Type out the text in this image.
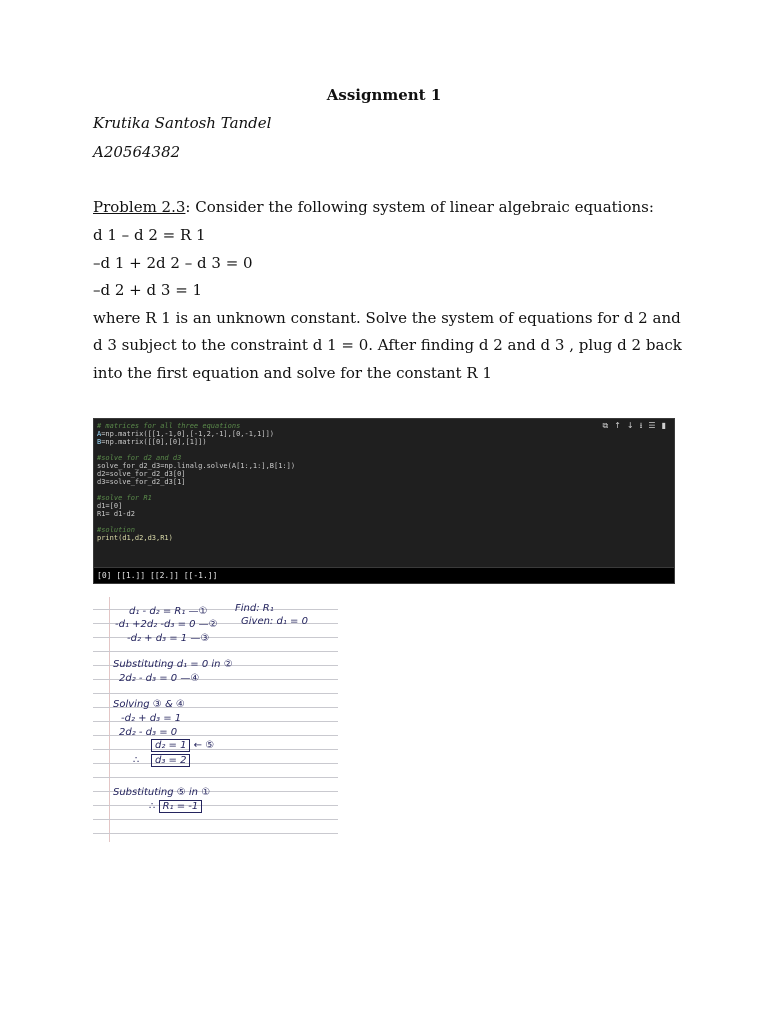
Assignment 1
Krutika Santosh Tandel
A20564382
Problem 2.3: Consider the following system of linear algebraic equations:
d 1 – d 2 = R 1
–d 1 + 2d 2 – d 3 = 0
–d 2 + d 3 = 1
where R 1 is an unknown constant. Solve the system of equations for d 2 and
d 3 subject to the constraint d 1 = 0. After finding d 2 and d 3 , plug d 2 back
into the first equation and solve for the constant R 1
⧉ ↑ ↓ ⭳ ☰ ▮
# matrices for all three equations
A=np.matrix([[1,-1,0],[-1,2,-1],[0,-1,1]])
B=np.matrix([[0],[0],[1]])
#solve for d2 and d3
solve_for_d2_d3=np.linalg.solve(A[1:,1:],B[1:])
d2=solve_for_d2_d3[0]
d3=solve_for_d2_d3[1]
#solve for R1
d1=[0]
R1= d1-d2
#solution
print(d1,d2,d3,R1)
[0] [[1.]] [[2.]] [[-1.]]
d₁ - d₂ = R₁ —①	Find: R₁
-d₁ +2d₂ -d₃ = 0 —② Given: d₁ = 0
-d₂ + d₃ = 1 —③
Substituting d₁ = 0 in ②
2d₂ - d₃ = 0 —④
Solving ③ & ④
-d₂ + d₃ = 1
2d₂ - d₃ = 0
d₂ = 1 ← ⑤
∴	d₃ = 2
Substituting ⑤ in ①
∴ R₁ = -1
